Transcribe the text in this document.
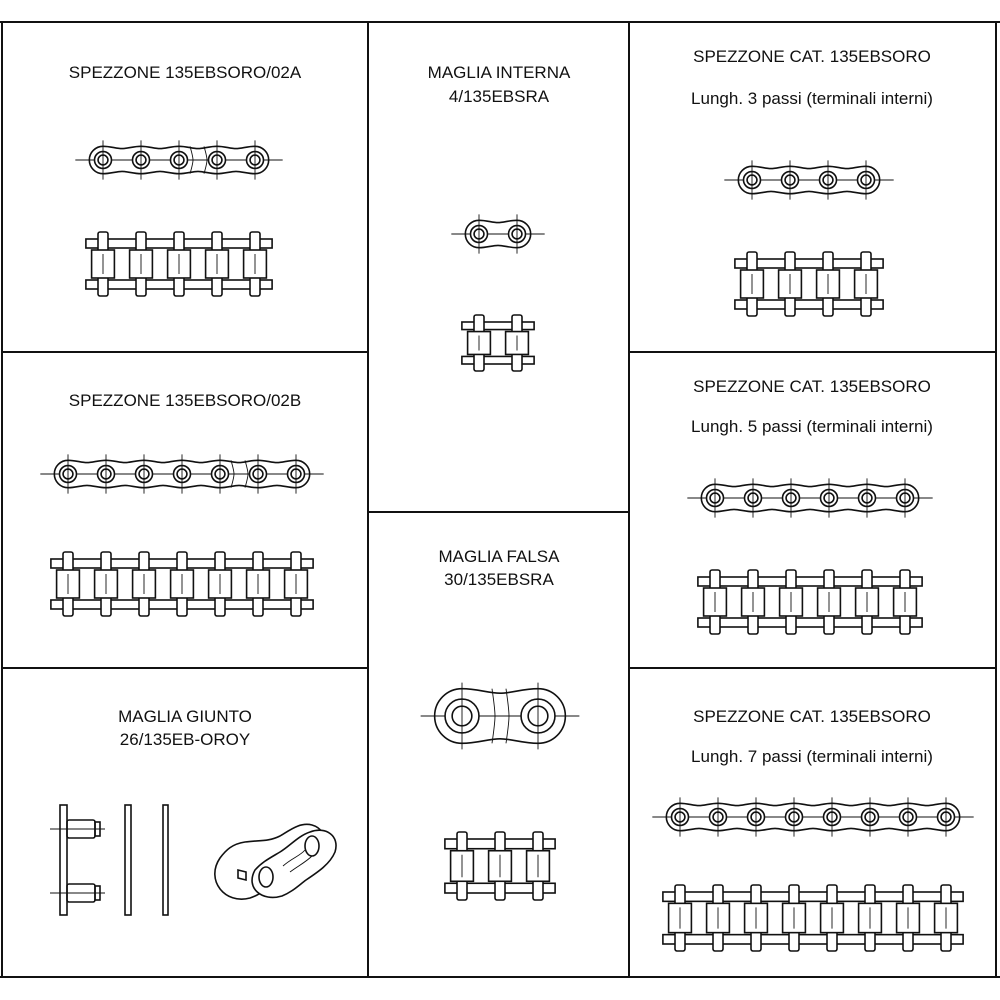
SPEZZONE 135EBSORO/02A	MAGLIA INTERNA
4/135EBSRA
SPEZZONE CAT. 135EBSORO
Lungh. 3 passi (terminali interni)
SPEZZONE 135EBSORO/02B
SPEZZONE CAT. 135EBSORO
Lungh. 5 passi (terminali interni)
MAGLIA FALSA
30/135EBSRA
MAGLIA GIUNTO
26/135EB-OROY
SPEZZONE CAT. 135EBSORO
Lungh. 7 passi (terminali interni)
